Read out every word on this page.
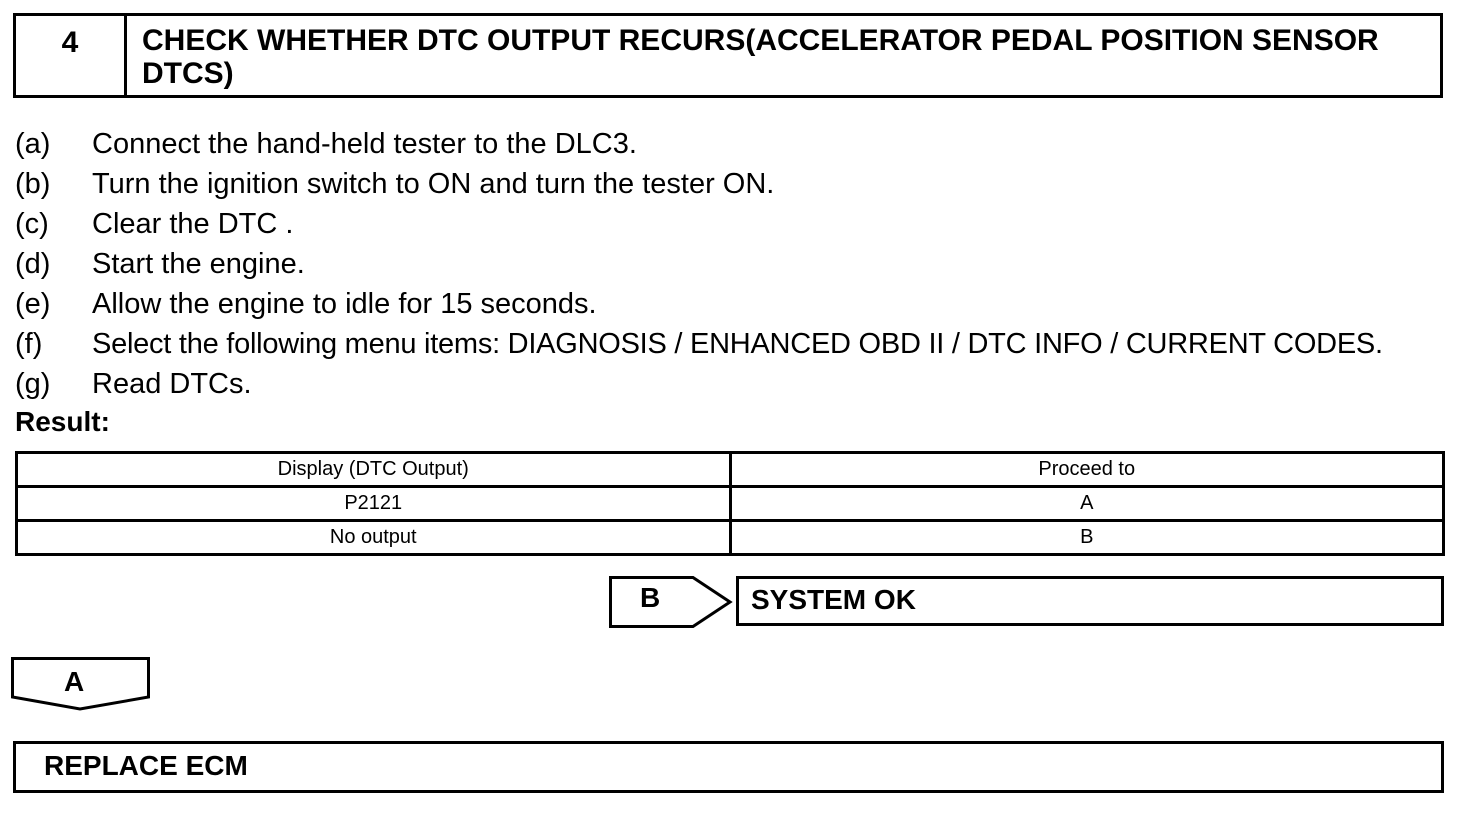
4	CHECK WHETHER DTC OUTPUT RECURS(ACCELERATOR PEDAL POSITION SENSOR DTCS)
(a) Connect the hand-held tester to the DLC3.
(b) Turn the ignition switch to ON and turn the tester ON.
(c) Clear the DTC .
(d) Start the engine.
(e) Allow the engine to idle for 15 seconds.
(f) Select the following menu items: DIAGNOSIS / ENHANCED OBD II / DTC INFO / CURRENT CODES.
(g) Read DTCs.
Result:
Display (DTC Output)	Proceed to
P2121	A
No output	B
B	SYSTEM OK
A
REPLACE ECM
